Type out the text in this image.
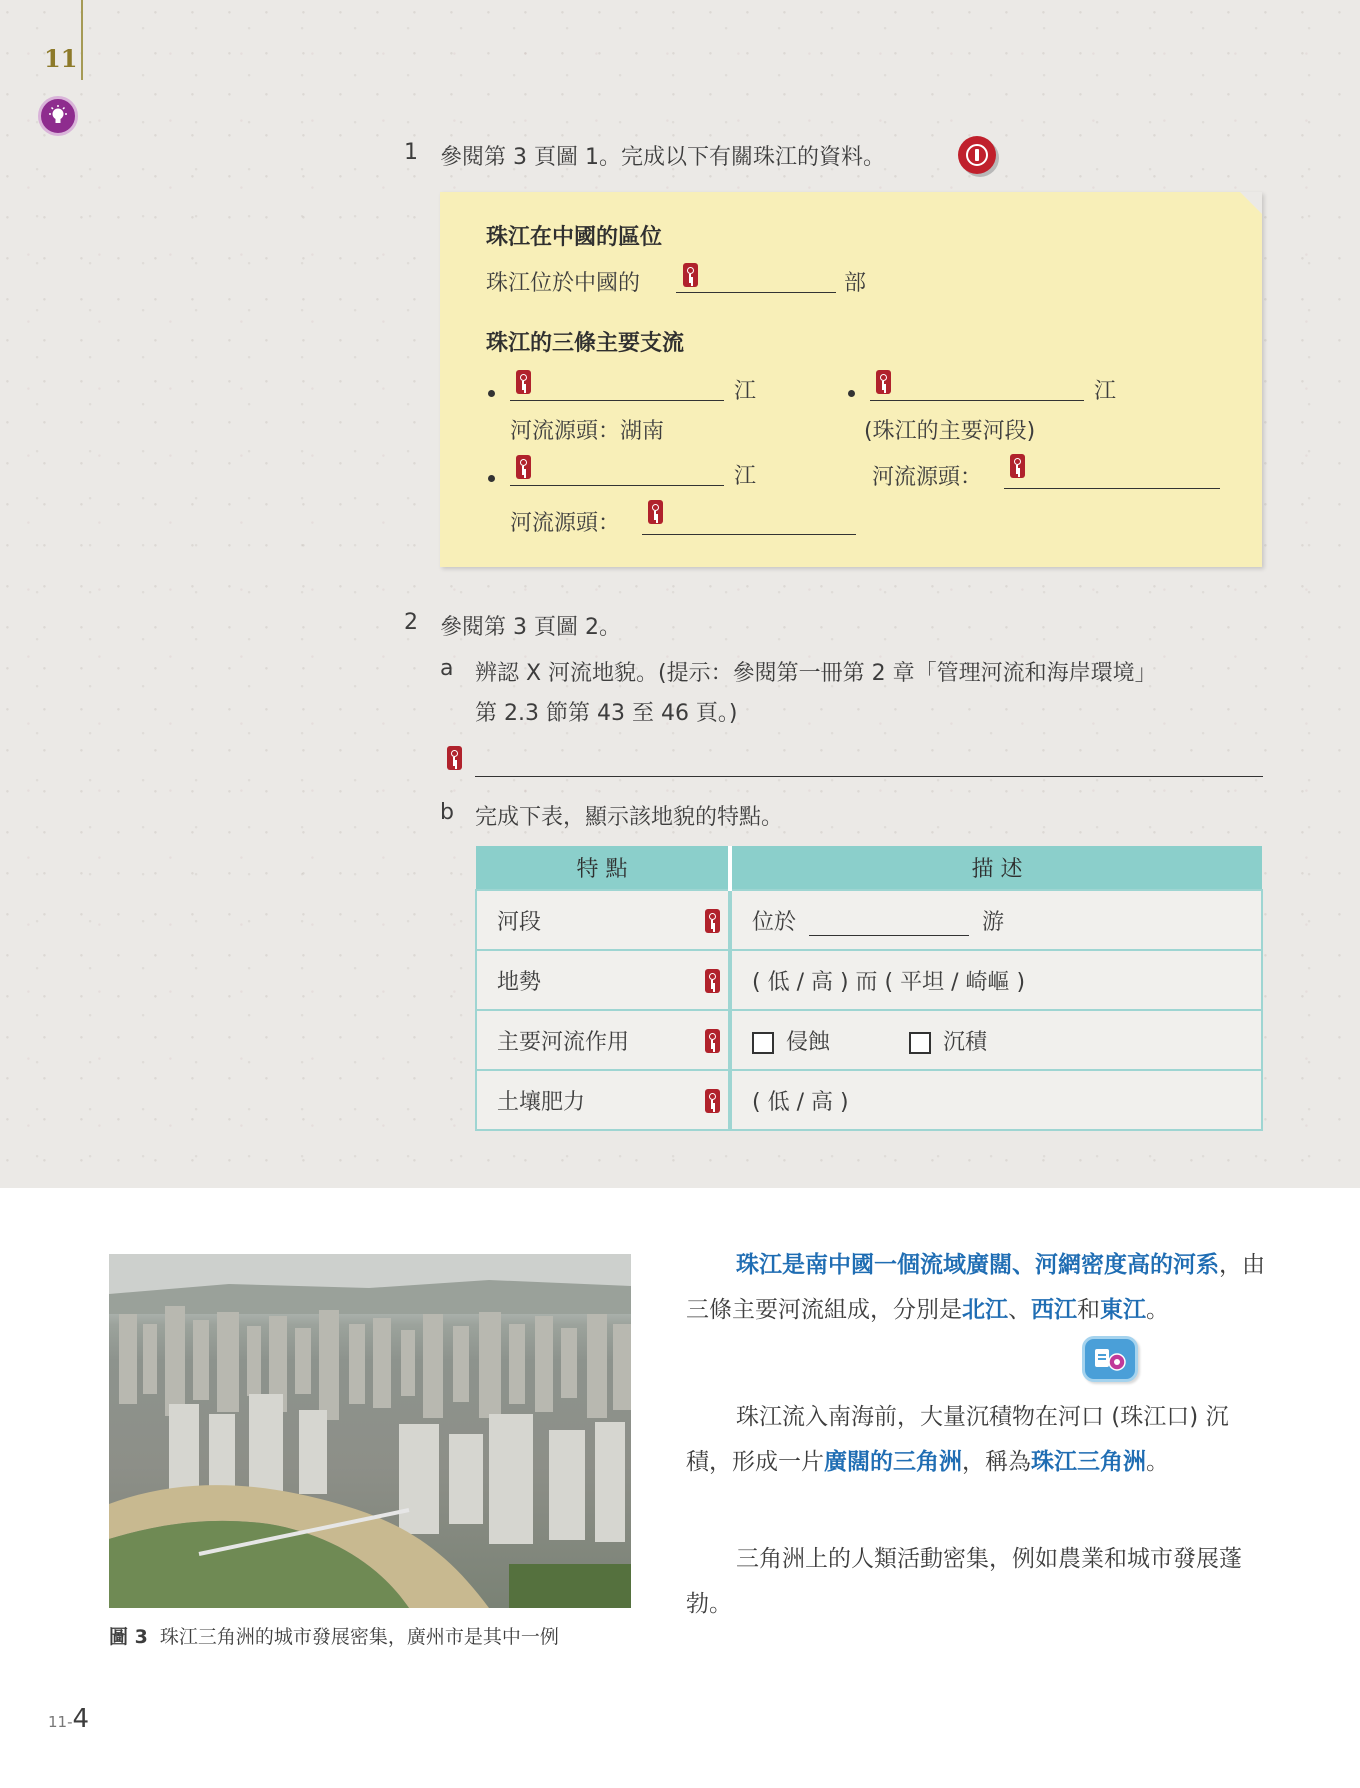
11
1 參閱第 3 頁圖 1。完成以下有關珠江的資料。
珠江在中國的區位
珠江位於中國的	部
珠江的三條主要支流
江
河流源頭：湖南
江
河流源頭：
江
(珠江的主要河段)
河流源頭：
2 參閱第 3 頁圖 2。
a 辨認 X 河流地貌。(提示：參閱第一冊第 2 章「管理河流和海岸環境」
第 2.3 節第 43 至 46 頁。)
b 完成下表，顯示該地貌的特點。
特 點	描 述
河段	位於 游
地勢	( 低 / 高 ) 而 ( 平坦 / 崎嶇 )
主要河流作用	侵蝕 沉積
土壤肥力	( 低 / 高 )
圖 3 珠江三角洲的城市發展密集，廣州市是其中一例

珠江是南中國一個流域廣闊、河網密度高的河系，由三條主要河流組成，分別是北江、西江和東江。

珠江流入南海前，大量沉積物在河口 (珠江口) 沉積，形成一片廣闊的三角洲，稱為珠江三角洲。

三角洲上的人類活動密集，例如農業和城市發展蓬勃。

11-4
